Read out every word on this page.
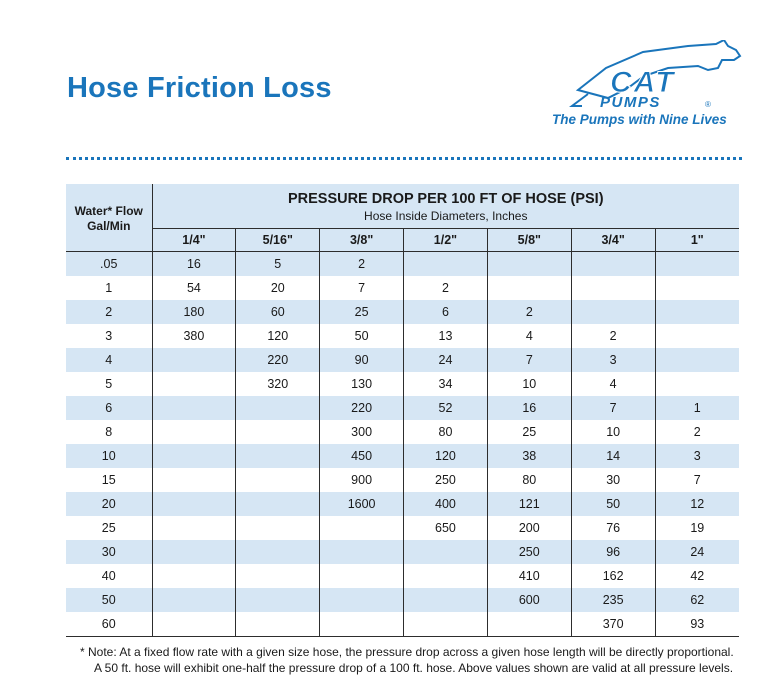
Hose Friction Loss	CAT
PUMPS	®
The Pumps with Nine Lives
Water* Flow Gal/Min	PRESSURE DROP PER 100 FT OF HOSE (PSI)
Hose Inside Diameters, Inches						

	1/4"	5/16"	3/8"	1/2"	5/8"	3/4"	1"
.05	16	5	2				
1	54	20	7	2			
2	180	60	25	6	2		
3	380	120	50	13	4	2	
4		220	90	24	7	3	
5		320	130	34	10	4	
6			220	52	16	7	1
8			300	80	25	10	2
10			450	120	38	14	3
15			900	250	80	30	7
20			1600	400	121	50	12
25				650	200	76	19
30					250	96	24
40					410	162	42
50					600	235	62
60						370	93

* Note: At a fixed flow rate with a given size hose, the pressure drop across a given hose length will be directly proportional. A 50 ft. hose will exhibit one-half the pressure drop of a 100 ft. hose. Above values shown are valid at all pressure levels.
